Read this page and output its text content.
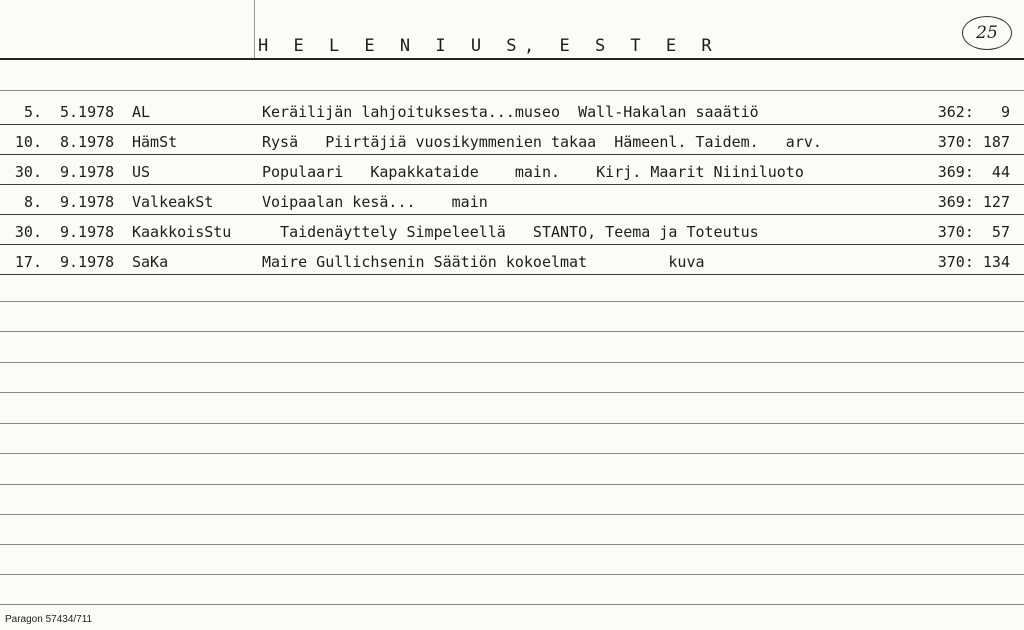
H E L E N I U S, E S T E R
25
5. 5.1978 AL	Keräilijän lahjoituksesta...museo  Wall-Hakalan saaätiö	362:   9
10. 8.1978 HämSt	Rysä   Piirtäjiä vuosikymmenien takaa  Hämeenl. Taidem.   arv.	370: 187
30. 9.1978 US	Populaari   Kapakkataide    main.    Kirj. Maarit Niiniluoto	369:  44
8. 9.1978 ValkeakSt	Voipaalan kesä...    main	369: 127
30. 9.1978 KaakkoisStu Taidenäyttely Simpeleellä   STANTO, Teema ja Toteutus	370:  57
17. 9.1978 SaKa	Maire Gullichsenin Säätiön kokoelmat         kuva	370: 134
Paragon 57434/711
